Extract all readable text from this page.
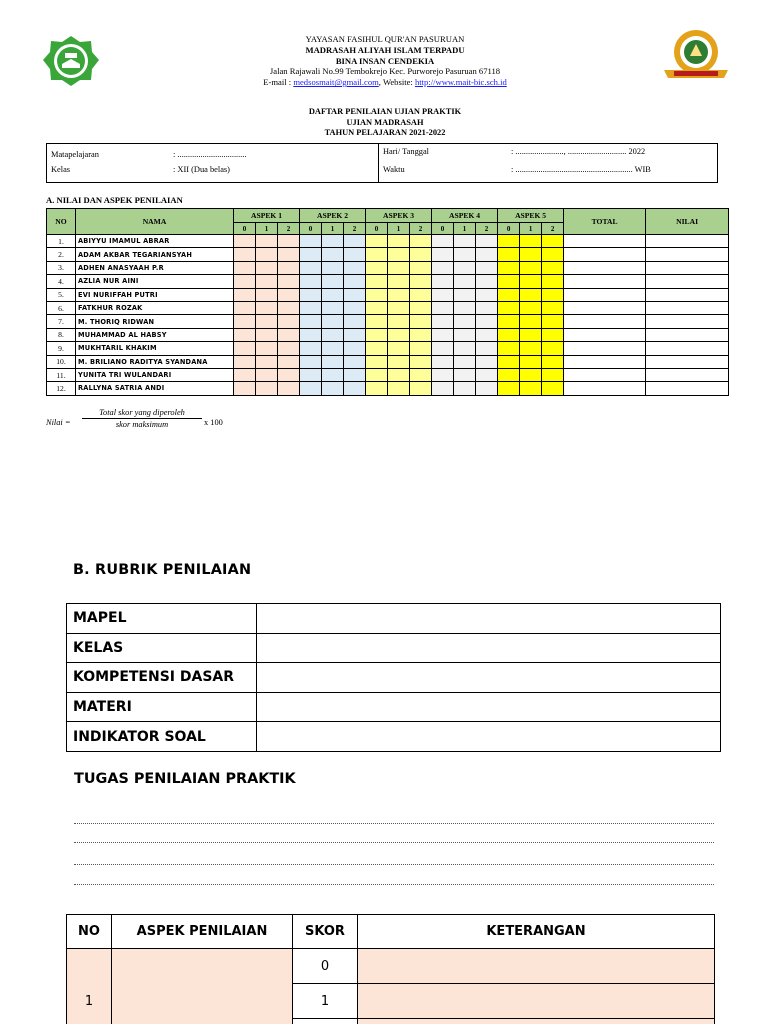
YAYASAN FASIHUL QUR'AN PASURUAN
MADRASAH ALIYAH ISLAM TERPADU
BINA INSAN CENDEKIA
Jalan Rajawali No.99 Tembokrejo Kec. Purworejo Pasuruan 67118
E-mail : medsosmait@gmail.com, Website: http://www.mait-bic.sch.id
DAFTAR PENILAIAN UJIAN PRAKTIK
UJIAN MADRASAH
TAHUN PELAJARAN 2021-2022
Matapelajaran	: .................................
Kelas	: XII (Dua belas)
Hari/ Tanggal	: ......................., ............................ 2022
Waktu	: ........................................................ WIB
A. NILAI DAN ASPEK PENILAIAN
NO	NAMA	ASPEK 1			ASPEK 2			ASPEK 3			ASPEK 4			ASPEK 5			TOTAL	NILAI
		0	1	2	0	1	2	0	1	2	0	1	2	0	1	2		
1.	ABIYYU IMAMUL ABRAR																	
2.	ADAM AKBAR TEGARIANSYAH																	
3.	ADHEN ANASYAAH P.R																	
4.	AZLIA NUR AINI																	
5.	EVI NURIFFAH PUTRI																	
6.	FATKHUR ROZAK																	
7.	M. THORIQ RIDWAN																	
8.	MUHAMMAD AL HABSY																	
9.	MUKHTARIL KHAKIM																	
10.	M. BRILIANO RADITYA SYANDANA																	
11.	YUNITA TRI WULANDARI																	
12.	RALLYNA SATRIA ANDI																	
Nilai =
Total skor yang diperoleh
skor maksimum	x 100
B. RUBRIK PENILAIAN
MAPEL	
KELAS	
KOMPETENSI DASAR	
MATERI	
INDIKATOR SOAL	
TUGAS PENILAIAN PRAKTIK
NO	ASPEK PENILAIAN	SKOR	KETERANGAN
1		0	
		1	
